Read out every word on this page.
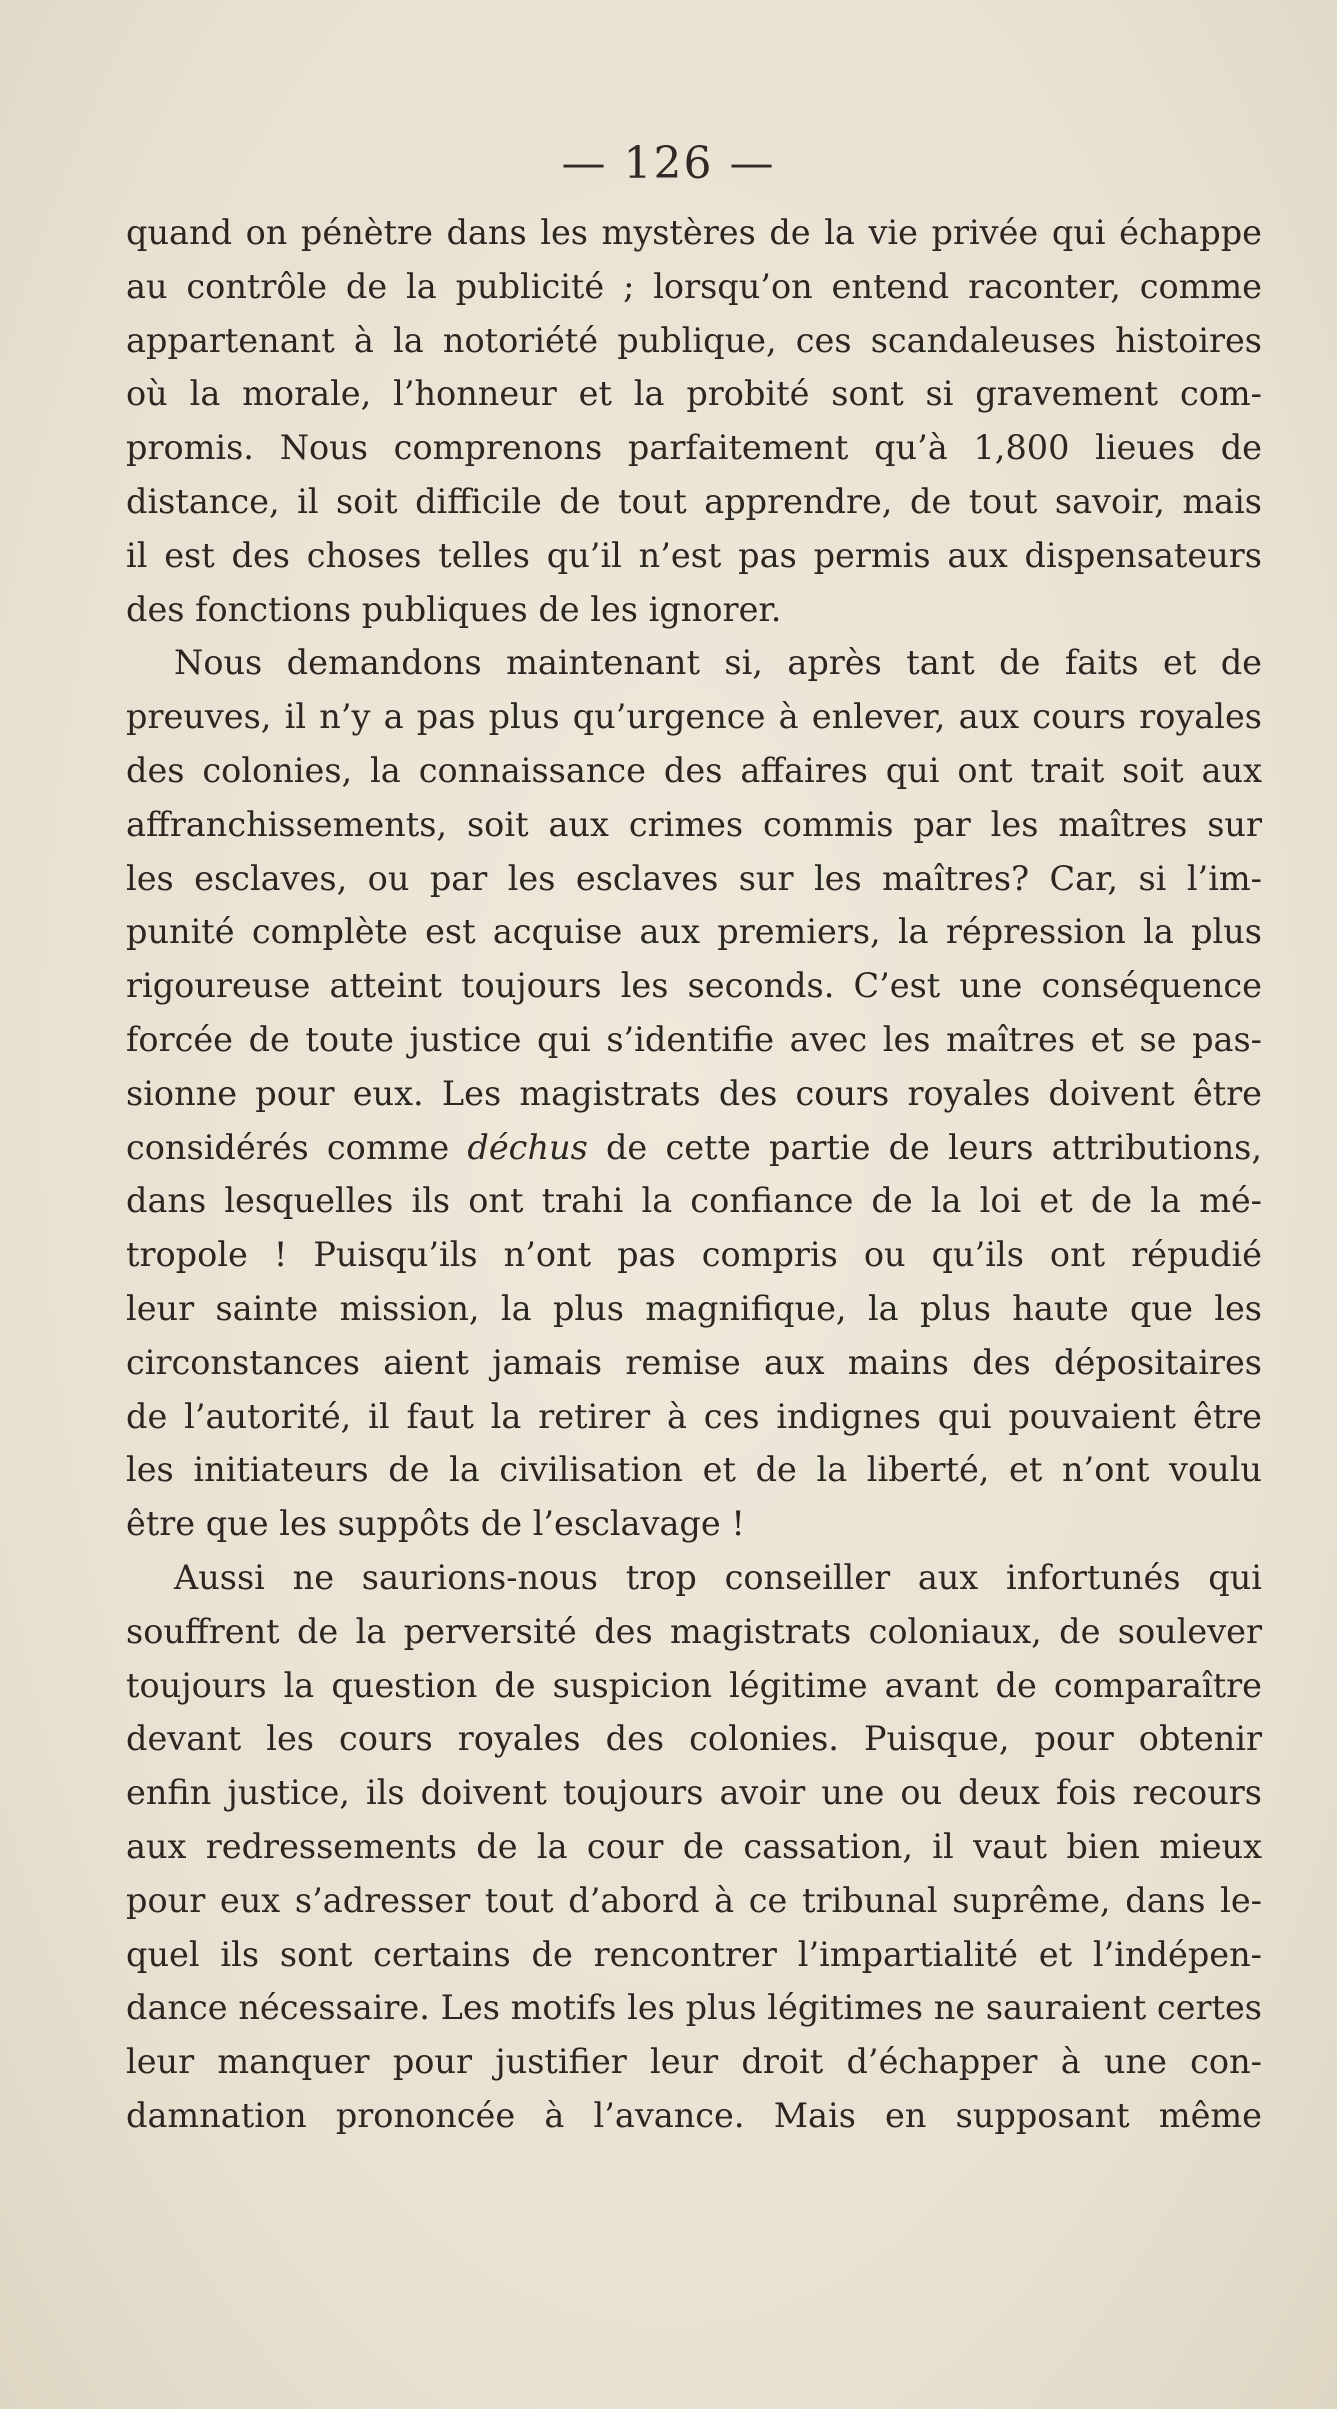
— 126 —
quand on pénètre dans les mystères de la vie privée qui échappe
au contrôle de la publicité ; lorsqu’on entend raconter, comme
appartenant à la notoriété publique, ces scandaleuses histoires
où la morale, l’honneur et la probité sont si gravement com-
promis. Nous comprenons parfaitement qu’à 1,800 lieues de
distance, il soit difficile de tout apprendre, de tout savoir, mais
il est des choses telles qu’il n’est pas permis aux dispensateurs
des fonctions publiques de les ignorer.
Nous demandons maintenant si, après tant de faits et de
preuves, il n’y a pas plus qu’urgence à enlever, aux cours royales
des colonies, la connaissance des affaires qui ont trait soit aux
affranchissements, soit aux crimes commis par les maîtres sur
les esclaves, ou par les esclaves sur les maîtres? Car, si l’im-
punité complète est acquise aux premiers, la répression la plus
rigoureuse atteint toujours les seconds. C’est une conséquence
forcée de toute justice qui s’identifie avec les maîtres et se pas-
sionne pour eux. Les magistrats des cours royales doivent être
considérés comme déchus de cette partie de leurs attributions,
dans lesquelles ils ont trahi la confiance de la loi et de la mé-
tropole ! Puisqu’ils n’ont pas compris ou qu’ils ont répudié
leur sainte mission, la plus magnifique, la plus haute que les
circonstances aient jamais remise aux mains des dépositaires
de l’autorité, il faut la retirer à ces indignes qui pouvaient être
les initiateurs de la civilisation et de la liberté, et n’ont voulu
être que les suppôts de l’esclavage !
Aussi ne saurions-nous trop conseiller aux infortunés qui
souffrent de la perversité des magistrats coloniaux, de soulever
toujours la question de suspicion légitime avant de comparaître
devant les cours royales des colonies. Puisque, pour obtenir
enfin justice, ils doivent toujours avoir une ou deux fois recours
aux redressements de la cour de cassation, il vaut bien mieux
pour eux s’adresser tout d’abord à ce tribunal suprême, dans le-
quel ils sont certains de rencontrer l’impartialité et l’indépen-
dance nécessaire. Les motifs les plus légitimes ne sauraient certes
leur manquer pour justifier leur droit d’échapper à une con-
damnation prononcée à l’avance. Mais en supposant même
